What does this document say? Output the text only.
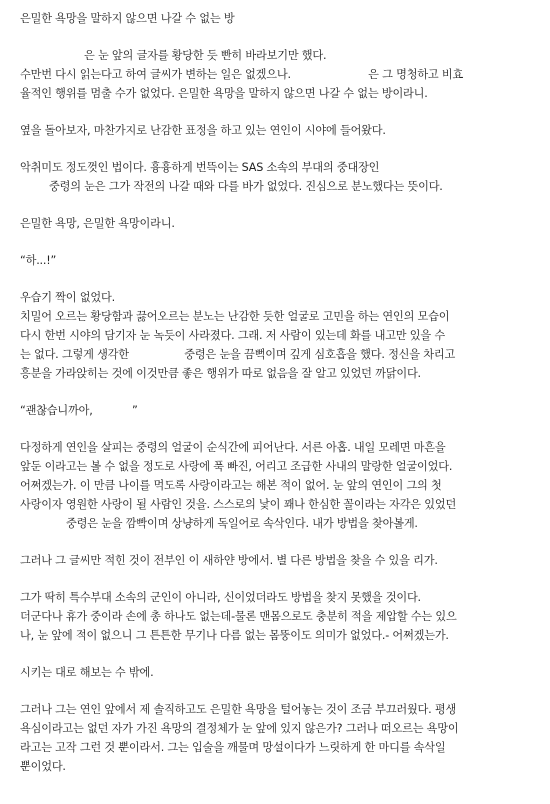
은밀한 욕망을 말하지 않으면 나갈 수 없는 방
은 눈 앞의 글자를 황당한 듯 빤히 바라보기만 했다.
수만번 다시 읽는다고 하여 글씨가 변하는 일은 없겠으나.	은 그 명청하고 비효
율적인 행위를 멈출 수가 없었다. 은밀한 욕망을 말하지 않으면 나갈 수 없는 방이라니.
옆을 돌아보자, 마찬가지로 난감한 표정을 하고 있는 연인이 시야에 들어왔다.
악취미도 정도껏인 법이다. 흉흉하게 번뜩이는 SAS 소속의 부대의 중대장인
중령의 눈은 그가 작전의 나갈 때와 다를 바가 없었다. 진심으로 분노했다는 뜻이다.
은밀한 욕망, 은밀한 욕망이라니.
“하...!”
우습기 짝이 없었다.
치밀어 오르는 황당함과 끓어오르는 분노는 난감한 듯한 얼굴로 고민을 하는 연인의 모습이
다시 한번 시야의 담기자 눈 녹듯이 사라졌다. 그래. 저 사람이 있는데 화를 내고만 있을 수
는 없다. 그렇게 생각한	중령은 눈을 끔뻑이며 깊게 심호흡을 했다. 정신을 차리고
흥분을 가라앉히는 것에 이것만큼 좋은 행위가 따로 없음을 잘 알고 있었던 까닭이다.
“괜찮습니까아,	”
다정하게 연인을 살피는 중령의 얼굴이 순식간에 피어난다. 서른 아홉. 내일 모레면 마흔을
앞둔 이라고는 볼 수 없을 정도로 사랑에 푹 빠진, 어리고 조급한 사내의 말랑한 얼굴이었다.
어쩌겠는가. 이 만큼 나이를 먹도록 사랑이라고는 해본 적이 없어. 눈 앞의 연인이 그의 첫
사랑이자 영원한 사랑이 될 사람인 것을. 스스로의 낯이 꽤나 한심한 꼴이라는 자각은 있었던
중령은 눈을 깜빡이며 상냥하게 독일어로 속삭인다. 내가 방법을 찾아볼게.
그러나 그 글씨만 적힌 것이 전부인 이 새하얀 방에서. 별 다른 방법을 찾을 수 있을 리가.
그가 딱히 특수부대 소속의 군인이 아니라, 신이었더라도 방법을 찾지 못했을 것이다.
더군다나 휴가 중이라 손에 총 하나도 없는데-물론 맨몸으로도 충분히 적을 제압할 수는 있으
나, 눈 앞에 적이 없으니 그 튼튼한 무기나 다름 없는 몸뚱이도 의미가 없었다.- 어쩌겠는가.
시키는 대로 해보는 수 밖에.
그러나 그는 연인 앞에서 제 솔직하고도 은밀한 욕망을 털어놓는 것이 조금 부끄러웠다. 평생
욕심이라고는 없던 자가 가진 욕망의 결정체가 눈 앞에 있지 않은가? 그러나 떠오르는 욕망이
라고는 고작 그런 것 뿐이라서. 그는 입술을 깨물며 망설이다가 느릿하게 한 마디를 속삭일
뿐이었다.
